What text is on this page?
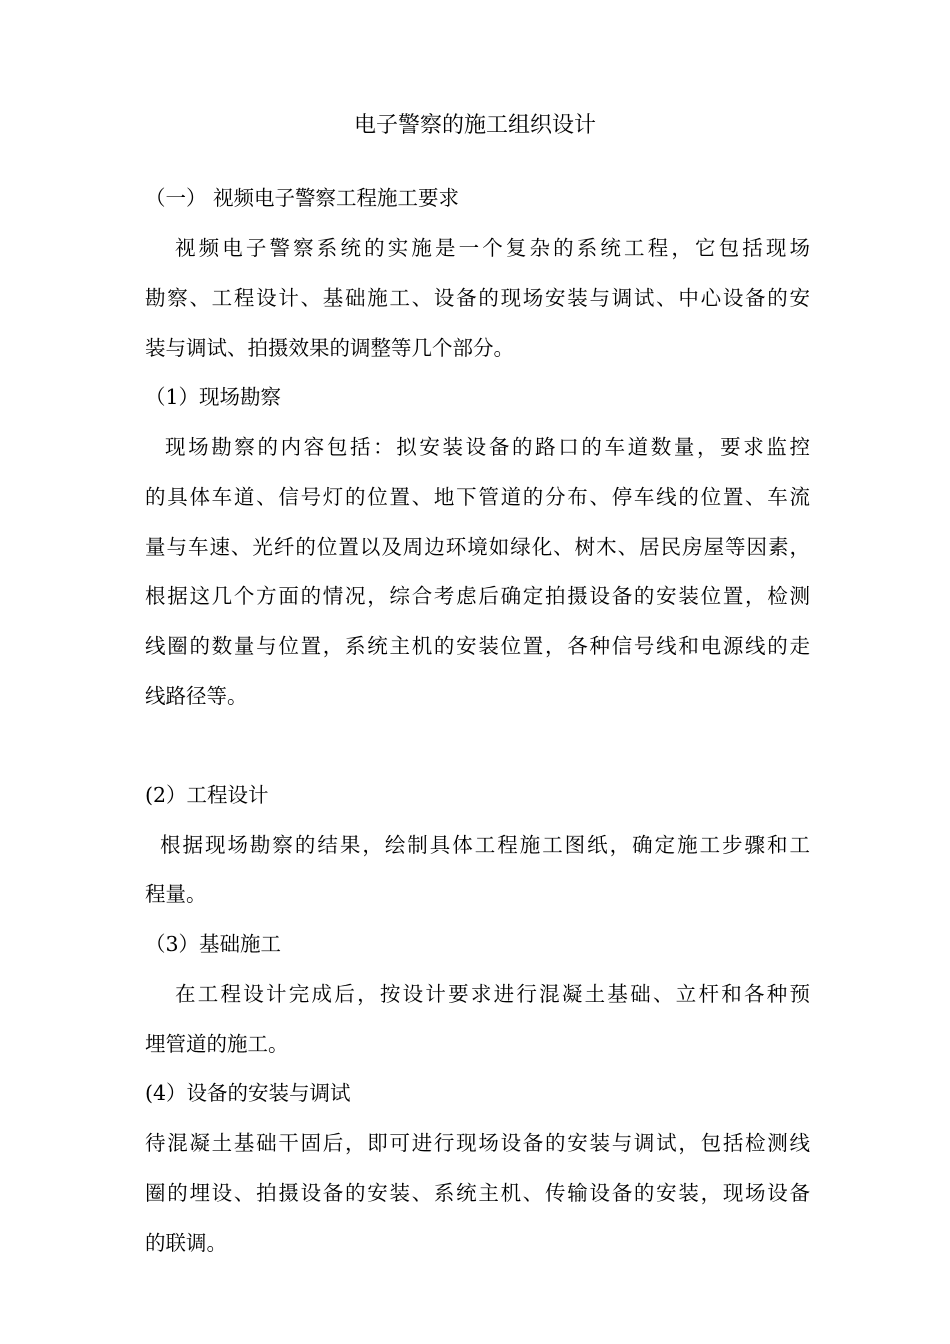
电子警察的施工组织设计

（一） 视频电子警察工程施工要求

视频电子警察系统的实施是一个复杂的系统工程，它包括现场

勘察、工程设计、基础施工、设备的现场安装与调试、中心设备的安

装与调试、拍摄效果的调整等几个部分。

（1）现场勘察

现场勘察的内容包括：拟安装设备的路口的车道数量，要求监控

的具体车道、信号灯的位置、地下管道的分布、停车线的位置、车流

量与车速、光纤的位置以及周边环境如绿化、树木、居民房屋等因素，

根据这几个方面的情况，综合考虑后确定拍摄设备的安装位置，检测

线圈的数量与位置，系统主机的安装位置，各种信号线和电源线的走

线路径等。

(2）工程设计

根据现场勘察的结果，绘制具体工程施工图纸，确定施工步骤和工

程量。

（3）基础施工

在工程设计完成后，按设计要求进行混凝土基础、立杆和各种预

埋管道的施工。

(4）设备的安装与调试

待混凝土基础干固后，即可进行现场设备的安装与调试，包括检测线

圈的埋设、拍摄设备的安装、系统主机、传输设备的安装，现场设备

的联调。
